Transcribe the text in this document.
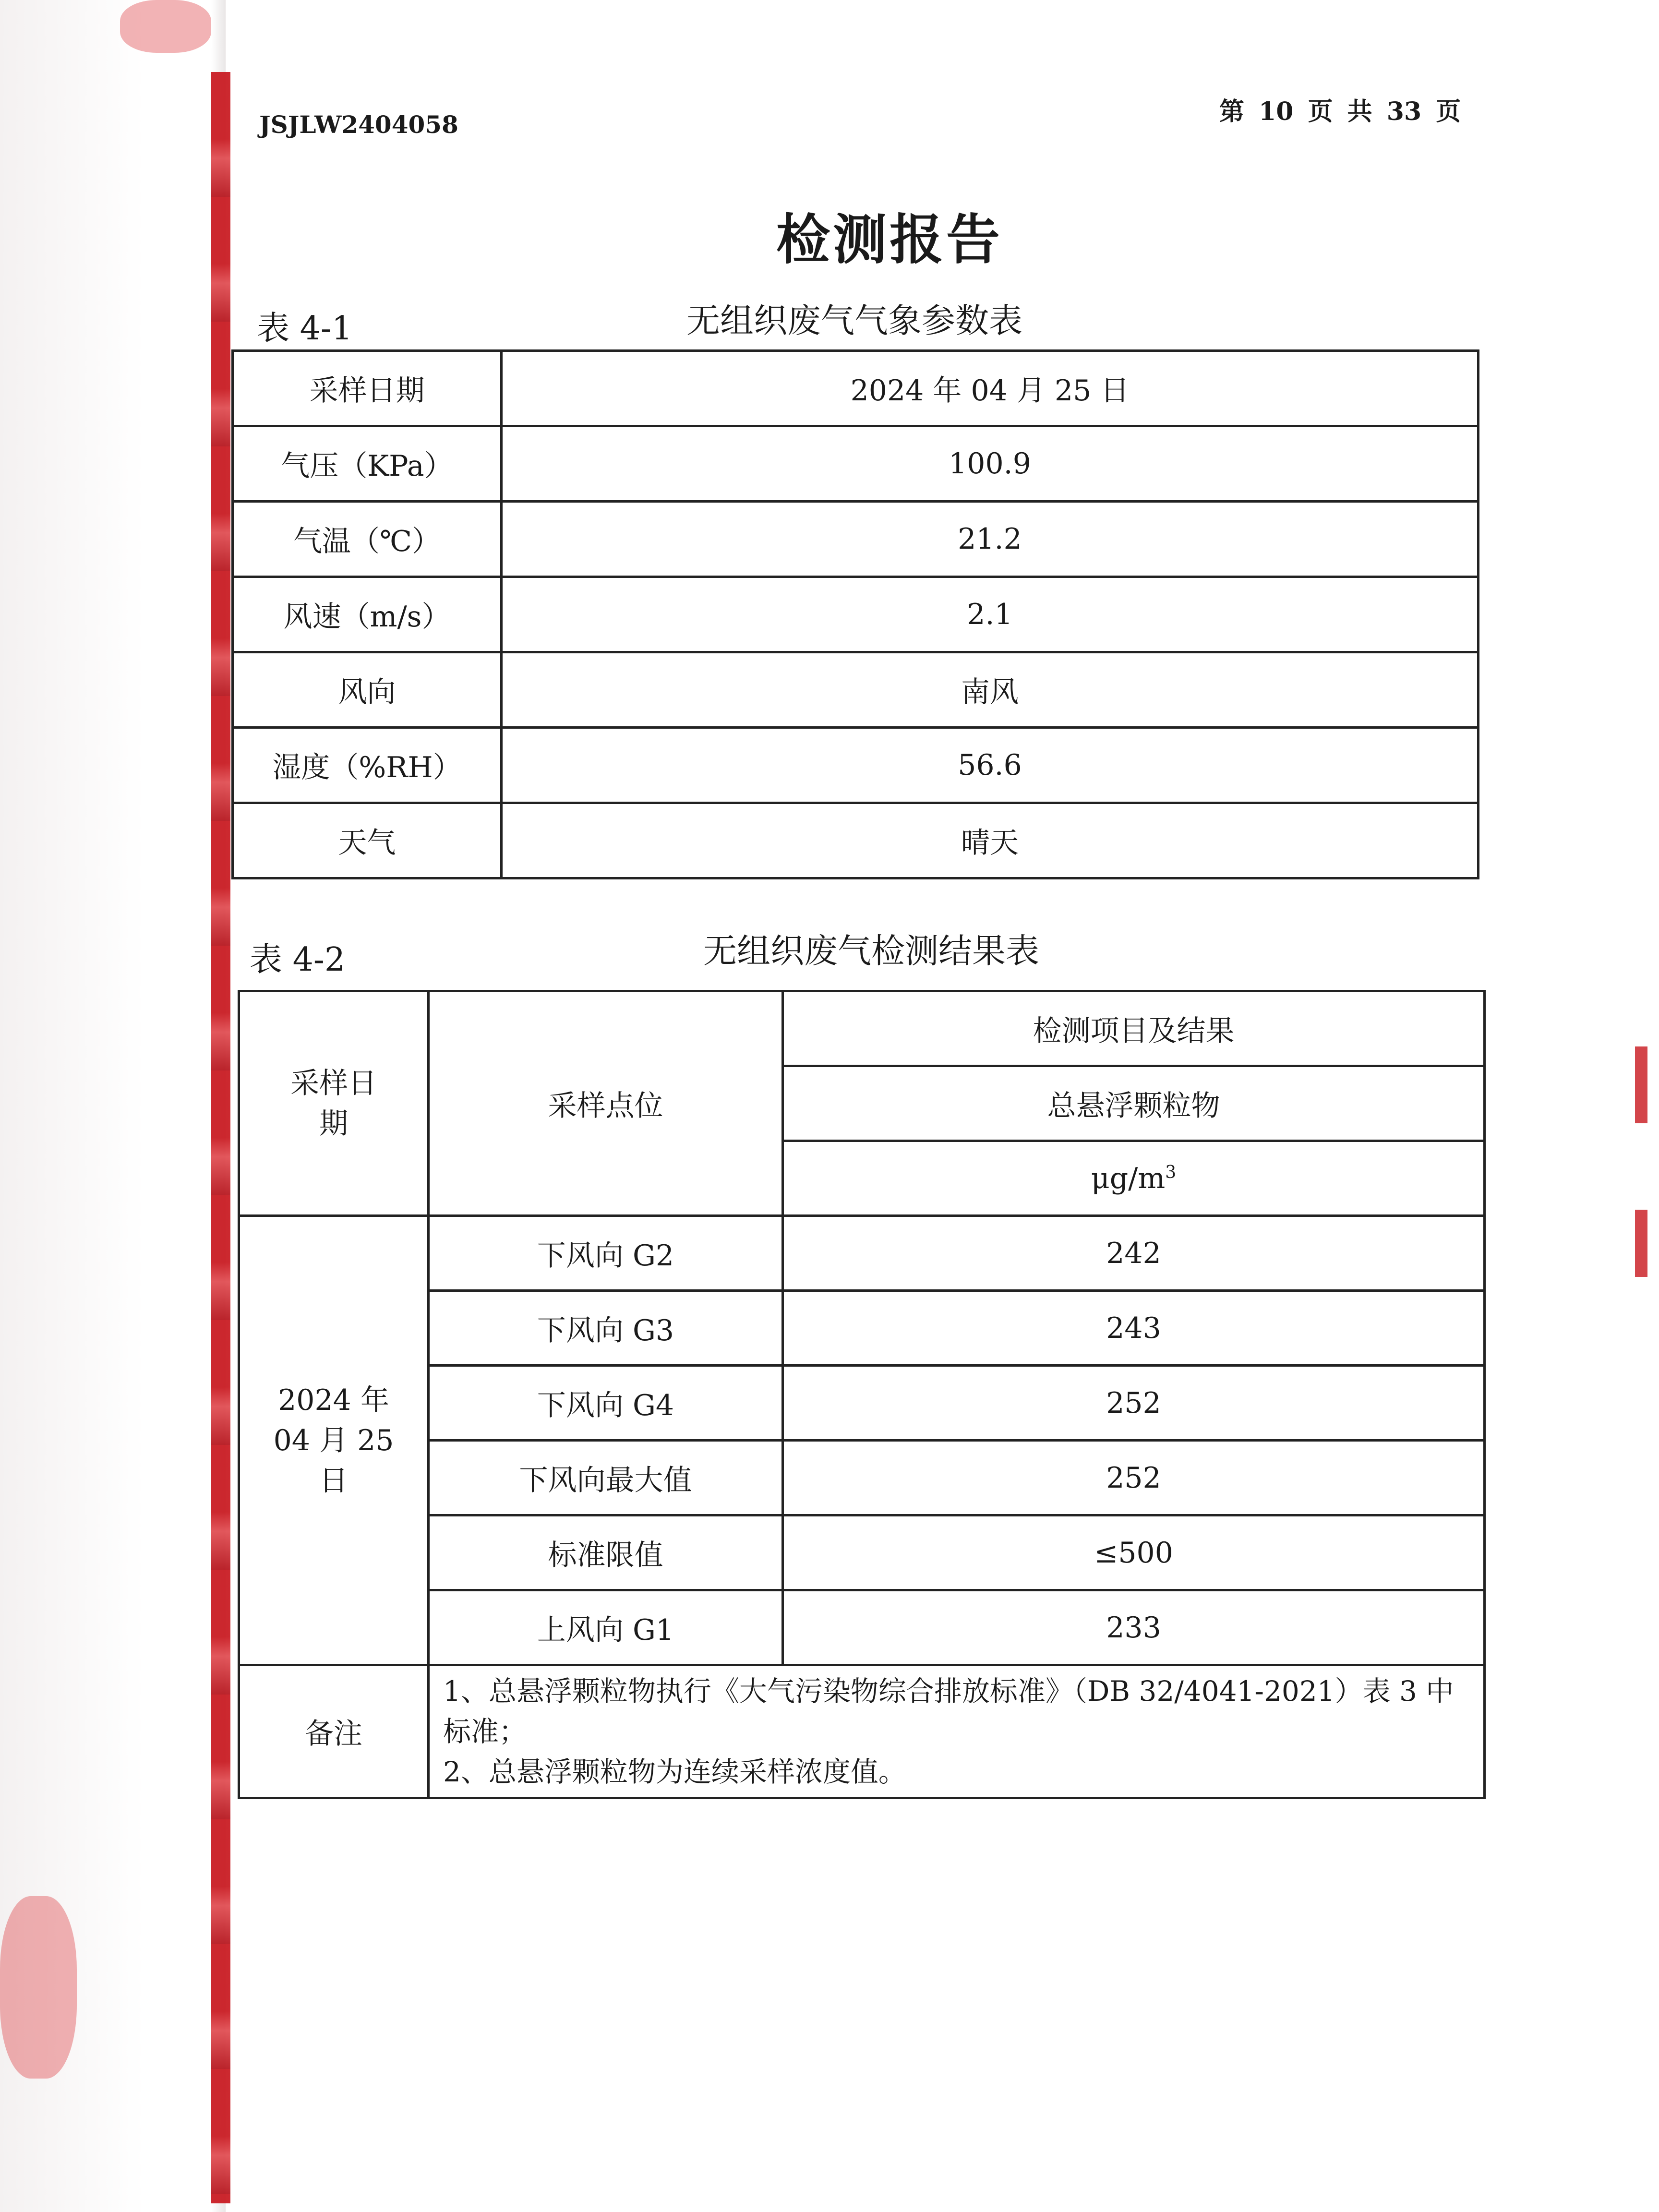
JSJLW2404058	第 10 页 共 33 页
检测报告
表 4-1	无组织废气气象参数表
采样日期	2024 年 04 月 25 日
气压（KPa）	100.9
气温（℃）	21.2
风速（m/s）	2.1
风向	南风
湿度（%RH）	56.6
天气	晴天
表 4-2	无组织废气检测结果表
采样日期	采样点位	检测项目及结果
		总悬浮颗粒物
		$\mu g/m^3$
2024 年 04 月 25 日	下风向 G2	242
	下风向 G3	243
	下风向 G4	252
	下风向最大值	252
	标准限值	≤500
	上风向 G1	233
备注	1、总悬浮颗粒物执行《大气污染物综合排放标准》（DB 32/4041-2021）表 3 中标准；
2、总悬浮颗粒物为连续采样浓度值。	
